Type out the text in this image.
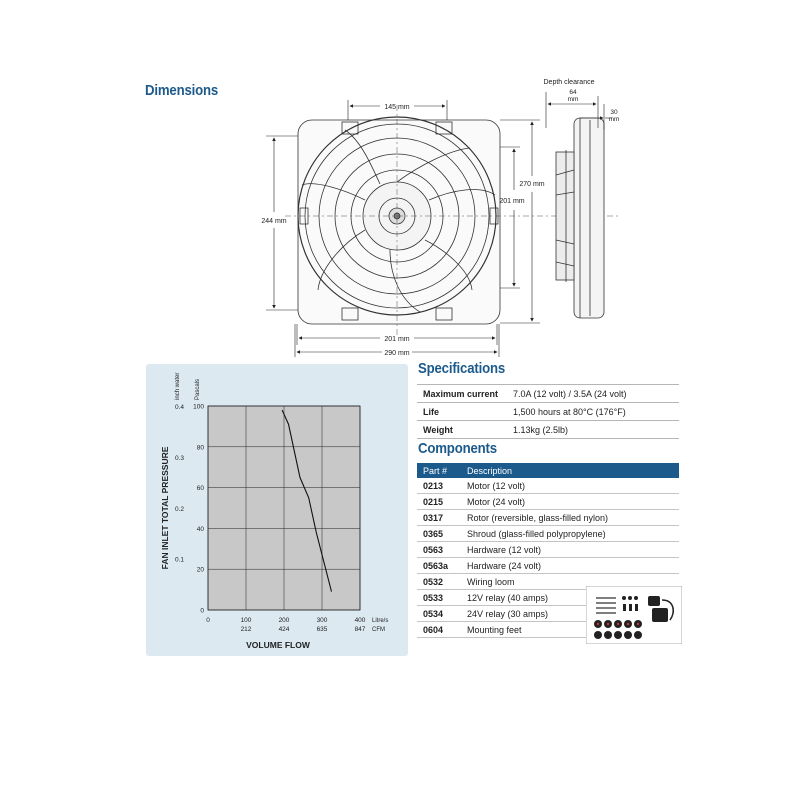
Dimensions
Specifications
Components
145 mm
244 mm
201 mm
270 mm
201 mm
290 mm
Depth clearance
64
mm
30
mm
0
20
40
60
80
100
0	100	200	300	400
212	424	635	847
0.1
0.2
0.3
0.4
FAN INLET TOTAL PRESSURE
VOLUME FLOW
inch water Pascals
Litre/s
CFM
Maximum current	7.0A (12 volt) / 3.5A (24 volt)
Life	1,500 hours at 80°C (176°F)
Weight	1.13kg (2.5lb)
Part #	Description
0213	Motor (12 volt)
0215	Motor (24 volt)
0317	Rotor (reversible, glass-filled nylon)
0365	Shroud (glass-filled polypropylene)
0563	Hardware (12 volt)
0563a	Hardware (24 volt)
0532	Wiring loom
0533	12V relay (40 amps)
0534	24V relay (30 amps)
0604	Mounting feet
